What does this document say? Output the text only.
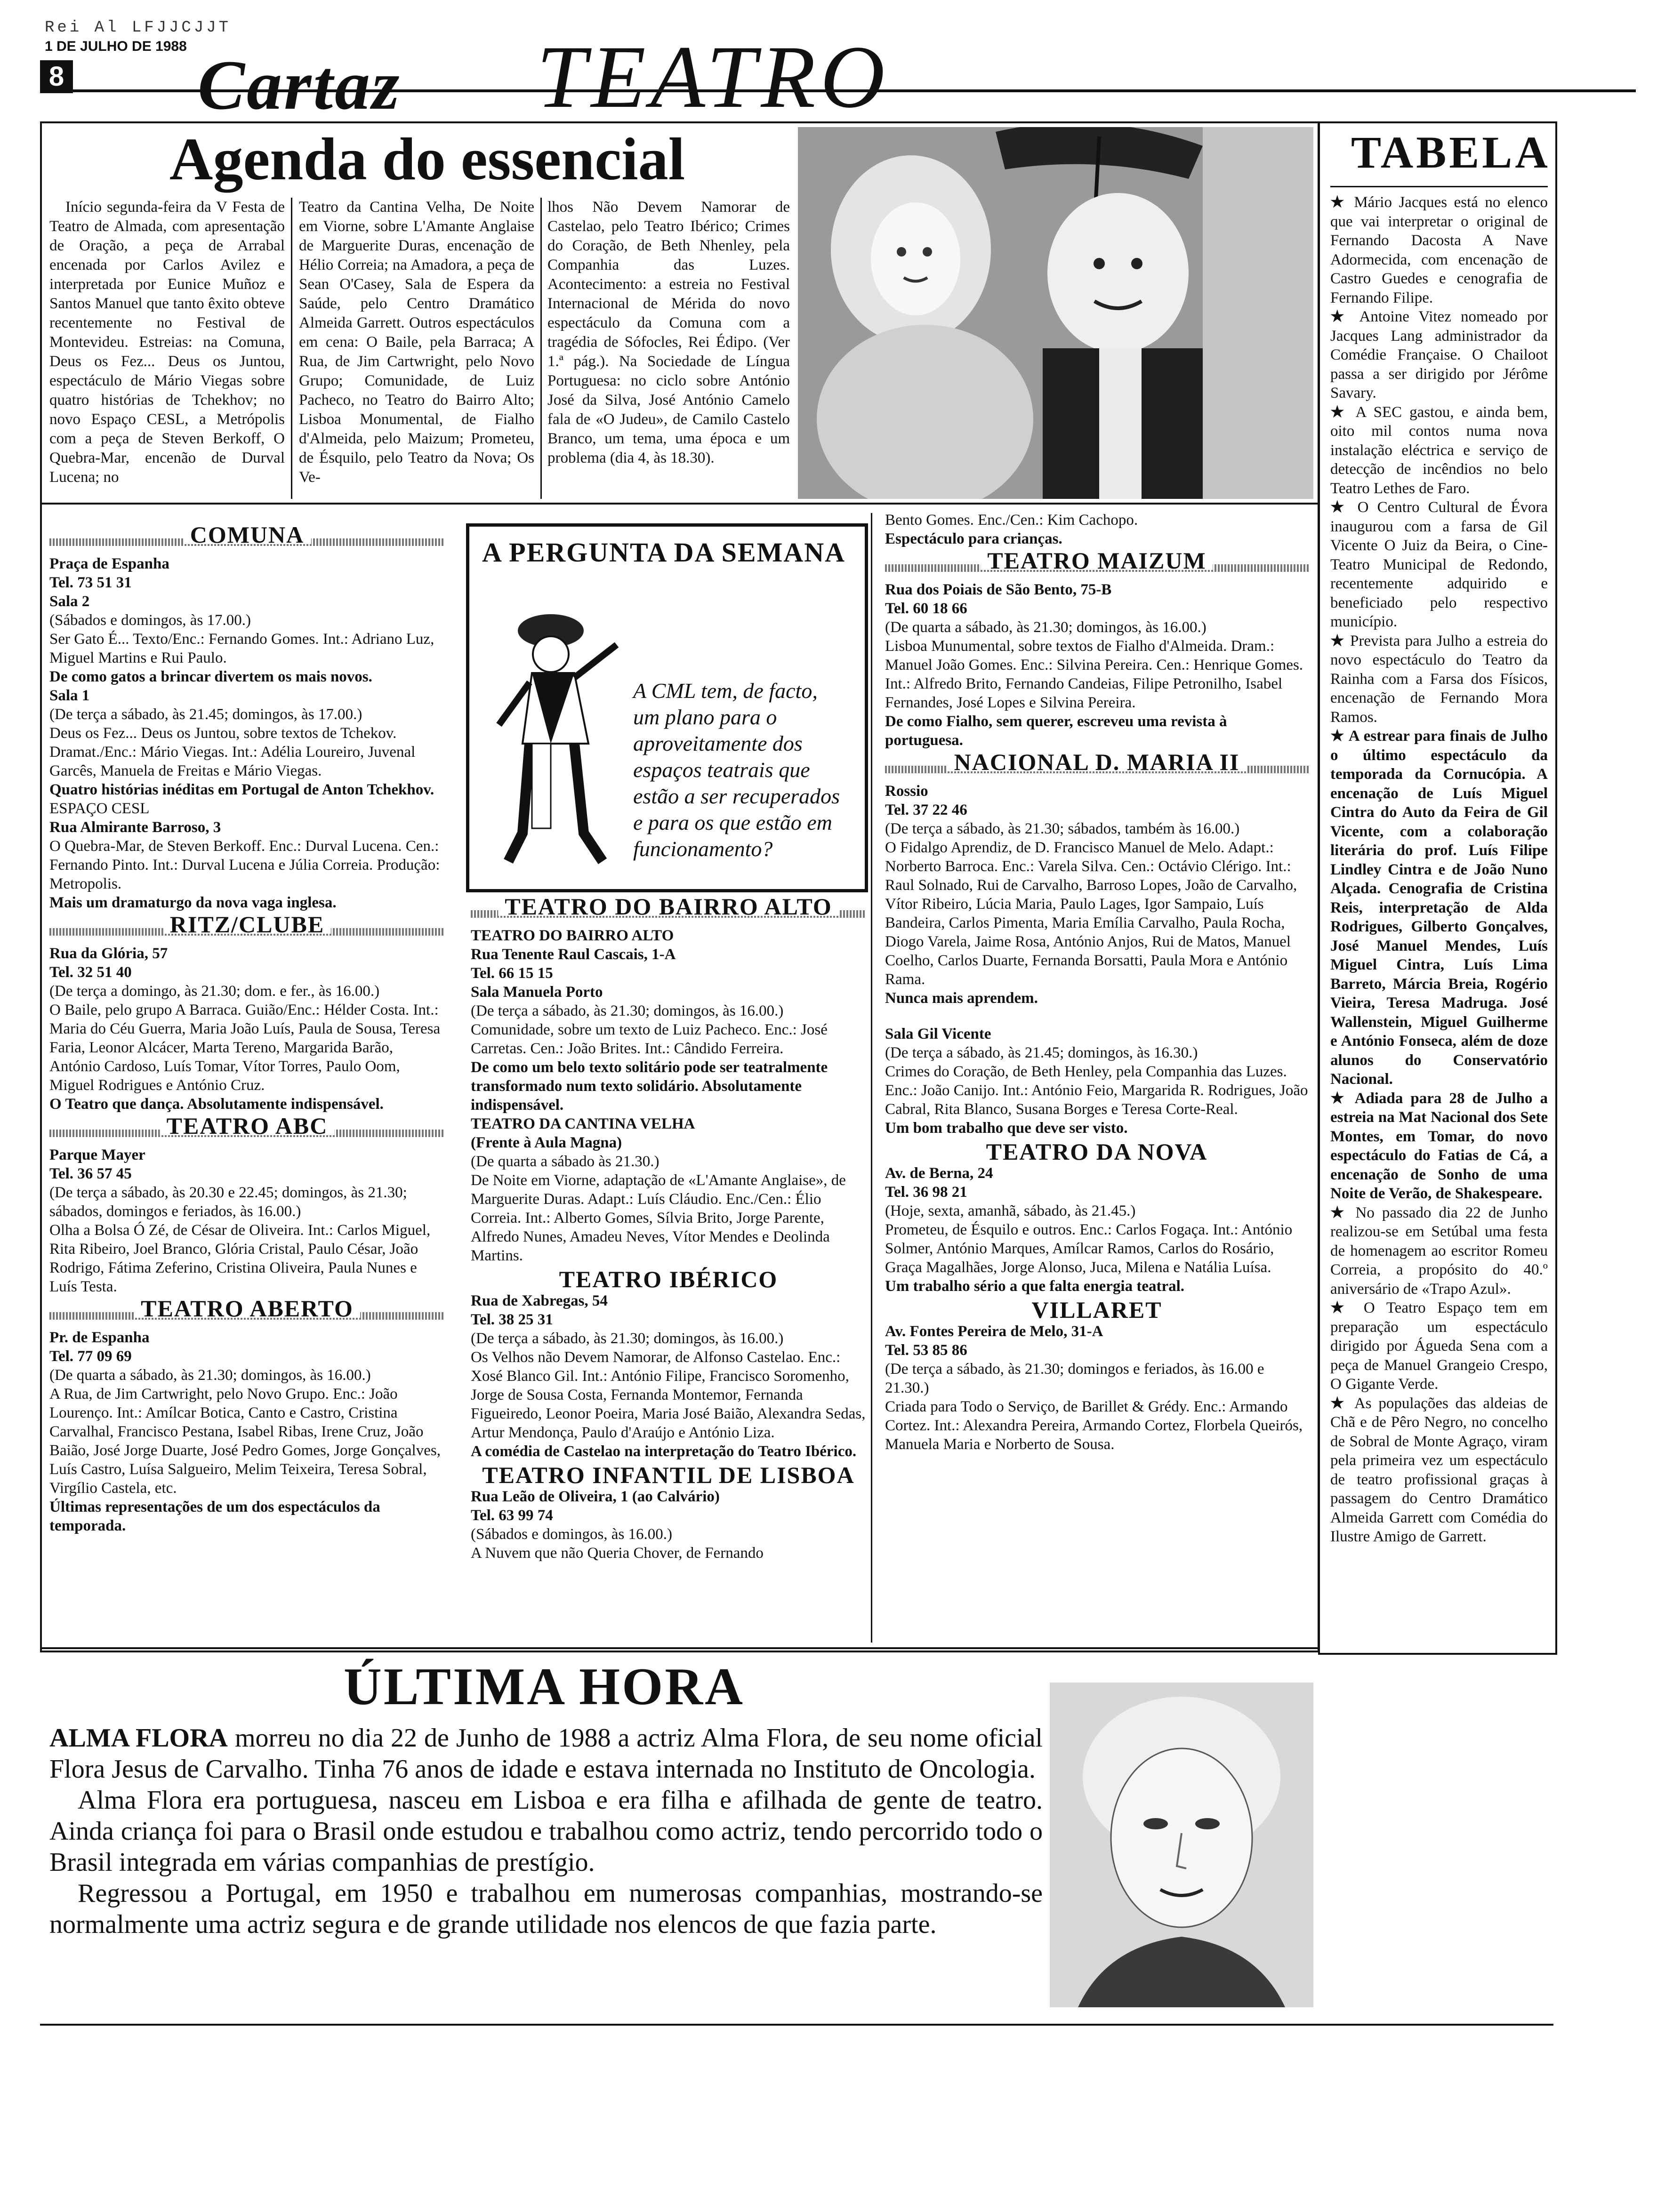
Rei Al LFJJCJJT
1 DE JULHO DE 1988
8 Cartaz TEATRO
Agenda do essencial

Início segunda-feira da V Festa de Teatro de Almada, com apresentação de Oração, a peça de Arrabal encenada por Carlos Avilez e interpretada por Eunice Muñoz e Santos Manuel que tanto êxito obteve recentemente no Festival de Montevideu. Estreias: na Comuna, Deus os Fez... Deus os Juntou, espectáculo de Mário Viegas sobre quatro histórias de Tchekhov; no novo Espaço CESL, a Metrópolis com a peça de Steven Berkoff, O Quebra-Mar, encenão de Durval Lucena; no

Teatro da Cantina Velha, De Noite em Viorne, sobre L'Amante Anglaise de Marguerite Duras, encenação de Hélio Correia; na Amadora, a peça de Sean O'Casey, Sala de Espera da Saúde, pelo Centro Dramático Almeida Garrett. Outros espectáculos em cena: O Baile, pela Barraca; A Rua, de Jim Cartwright, pelo Novo Grupo; Comunidade, de Luiz Pacheco, no Teatro do Bairro Alto; Lisboa Monumental, de Fialho d'Almeida, pelo Maizum; Prometeu, de Ésquilo, pelo Teatro da Nova; Os Ve-

lhos Não Devem Namorar de Castelao, pelo Teatro Ibérico; Crimes do Coração, de Beth Nhenley, pela Companhia das Luzes. Acontecimento: a estreia no Festival Internacional de Mérida do novo espectáculo da Comuna com a tragédia de Sófocles, Rei Édipo. (Ver 1.ª pág.). Na Sociedade de Língua Portuguesa: no ciclo sobre António José da Silva, José António Camelo fala de «O Judeu», de Camilo Castelo Branco, um tema, uma época e um problema (dia 4, às 18.30).

COMUNA
Praça de Espanha
Tel. 73 51 31
Sala 2
(Sábados e domingos, às 17.00.)
Ser Gato É... Texto/Enc.: Fernando Gomes. Int.: Adriano Luz, Miguel Martins e Rui Paulo.
De como gatos a brincar divertem os mais novos.
Sala 1
(De terça a sábado, às 21.45; domingos, às 17.00.)
Deus os Fez... Deus os Juntou, sobre textos de Tchekov. Dramat./Enc.: Mário Viegas. Int.: Adélia Loureiro, Juvenal Garcês, Manuela de Freitas e Mário Viegas.
Quatro histórias inéditas em Portugal de Anton Tchekhov.
ESPAÇO CESL
Rua Almirante Barroso, 3
O Quebra-Mar, de Steven Berkoff. Enc.: Durval Lucena. Cen.: Fernando Pinto. Int.: Durval Lucena e Júlia Correia. Produção: Metropolis.
Mais um dramaturgo da nova vaga inglesa.
RITZ/CLUBE
Rua da Glória, 57
Tel. 32 51 40
(De terça a domingo, às 21.30; dom. e fer., às 16.00.)
O Baile, pelo grupo A Barraca. Guião/Enc.: Hélder Costa. Int.: Maria do Céu Guerra, Maria João Luís, Paula de Sousa, Teresa Faria, Leonor Alcácer, Marta Tereno, Margarida Barão, António Cardoso, Luís Tomar, Vítor Torres, Paulo Oom, Miguel Rodrigues e António Cruz.
O Teatro que dança. Absolutamente indispensável.
TEATRO ABC
Parque Mayer
Tel. 36 57 45
(De terça a sábado, às 20.30 e 22.45; domingos, às 21.30; sábados, domingos e feriados, às 16.00.)
Olha a Bolsa Ó Zé, de César de Oliveira. Int.: Carlos Miguel, Rita Ribeiro, Joel Branco, Glória Cristal, Paulo César, João Rodrigo, Fátima Zeferino, Cristina Oliveira, Paula Nunes e Luís Testa.
TEATRO ABERTO
Pr. de Espanha
Tel. 77 09 69
(De quarta a sábado, às 21.30; domingos, às 16.00.)
A Rua, de Jim Cartwright, pelo Novo Grupo. Enc.: João Lourenço. Int.: Amílcar Botica, Canto e Castro, Cristina Carvalhal, Francisco Pestana, Isabel Ribas, Irene Cruz, João Baião, José Jorge Duarte, José Pedro Gomes, Jorge Gonçalves, Luís Castro, Luísa Salgueiro, Melim Teixeira, Teresa Sobral, Virgílio Castela, etc.
Últimas representações de um dos espectáculos da temporada.
A PERGUNTA DA SEMANA
A CML tem, de facto, um plano para o aproveitamente dos espaços teatrais que estão a ser recuperados e para os que estão em funcionamento?
TEATRO DO BAIRRO ALTO
TEATRO DO BAIRRO ALTO
Rua Tenente Raul Cascais, 1-A
Tel. 66 15 15
Sala Manuela Porto
(De terça a sábado, às 21.30; domingos, às 16.00.)
Comunidade, sobre um texto de Luiz Pacheco. Enc.: José Carretas. Cen.: João Brites. Int.: Cândido Ferreira.
De como um belo texto solitário pode ser teatralmente transformado num texto solidário. Absolutamente indispensável.
TEATRO DA CANTINA VELHA
(Frente à Aula Magna)
(De quarta a sábado às 21.30.)
De Noite em Viorne, adaptação de «L'Amante Anglaise», de Marguerite Duras. Adapt.: Luís Cláudio. Enc./Cen.: Élio Correia. Int.: Alberto Gomes, Sílvia Brito, Jorge Parente, Alfredo Nunes, Amadeu Neves, Vítor Mendes e Deolinda Martins.
TEATRO IBÉRICO
Rua de Xabregas, 54
Tel. 38 25 31
(De terça a sábado, às 21.30; domingos, às 16.00.)
Os Velhos não Devem Namorar, de Alfonso Castelao. Enc.: Xosé Blanco Gil. Int.: António Filipe, Francisco Soromenho, Jorge de Sousa Costa, Fernanda Montemor, Fernanda Figueiredo, Leonor Poeira, Maria José Baião, Alexandra Sedas, Artur Mendonça, Paulo d'Araújo e António Liza.
A comédia de Castelao na interpretação do Teatro Ibérico.
TEATRO INFANTIL DE LISBOA
Rua Leão de Oliveira, 1 (ao Calvário)
Tel. 63 99 74
(Sábados e domingos, às 16.00.)
A Nuvem que não Queria Chover, de Fernando
Bento Gomes. Enc./Cen.: Kim Cachopo.
Espectáculo para crianças.
TEATRO MAIZUM
Rua dos Poiais de São Bento, 75-B
Tel. 60 18 66
(De quarta a sábado, às 21.30; domingos, às 16.00.)
Lisboa Munumental, sobre textos de Fialho d'Almeida. Dram.: Manuel João Gomes. Enc.: Silvina Pereira. Cen.: Henrique Gomes. Int.: Alfredo Brito, Fernando Candeias, Filipe Petronilho, Isabel Fernandes, José Lopes e Silvina Pereira.
De como Fialho, sem querer, escreveu uma revista à portuguesa.
NACIONAL D. MARIA II
Rossio
Tel. 37 22 46
(De terça a sábado, às 21.30; sábados, também às 16.00.)
O Fidalgo Aprendiz, de D. Francisco Manuel de Melo. Adapt.: Norberto Barroca. Enc.: Varela Silva. Cen.: Octávio Clérigo. Int.: Raul Solnado, Rui de Carvalho, Barroso Lopes, João de Carvalho, Vítor Ribeiro, Lúcia Maria, Paulo Lages, Igor Sampaio, Luís Bandeira, Carlos Pimenta, Maria Emília Carvalho, Paula Rocha, Diogo Varela, Jaime Rosa, António Anjos, Rui de Matos, Manuel Coelho, Carlos Duarte, Fernanda Borsatti, Paula Mora e António Rama.
Nunca mais aprendem.
Sala Gil Vicente
(De terça a sábado, às 21.45; domingos, às 16.30.)
Crimes do Coração, de Beth Henley, pela Companhia das Luzes. Enc.: João Canijo. Int.: António Feio, Margarida R. Rodrigues, João Cabral, Rita Blanco, Susana Borges e Teresa Corte-Real.
Um bom trabalho que deve ser visto.
TEATRO DA NOVA
Av. de Berna, 24
Tel. 36 98 21
(Hoje, sexta, amanhã, sábado, às 21.45.)
Prometeu, de Ésquilo e outros. Enc.: Carlos Fogaça. Int.: António Solmer, António Marques, Amílcar Ramos, Carlos do Rosário, Graça Magalhães, Jorge Alonso, Juca, Milena e Natália Luísa.
Um trabalho sério a que falta energia teatral.
VILLARET
Av. Fontes Pereira de Melo, 31-A
Tel. 53 85 86
(De terça a sábado, às 21.30; domingos e feriados, às 16.00 e 21.30.)
Criada para Todo o Serviço, de Barillet & Grédy. Enc.: Armando Cortez. Int.: Alexandra Pereira, Armando Cortez, Florbela Queirós, Manuela Maria e Norberto de Sousa.
TABELA

★ Mário Jacques está no elenco que vai interpretar o original de Fernando Dacosta A Nave Adormecida, com encenação de Castro Guedes e cenografia de Fernando Filipe.

★ Antoine Vitez nomeado por Jacques Lang administrador da Comédie Française. O Chailoot passa a ser dirigido por Jérôme Savary.

★ A SEC gastou, e ainda bem, oito mil contos numa nova instalação eléctrica e serviço de detecção de incêndios no belo Teatro Lethes de Faro.

★ O Centro Cultural de Évora inaugurou com a farsa de Gil Vicente O Juiz da Beira, o Cine-Teatro Municipal de Redondo, recentemente adquirido e beneficiado pelo respectivo município.

★ Prevista para Julho a estreia do novo espectáculo do Teatro da Rainha com a Farsa dos Físicos, encenação de Fernando Mora Ramos.

★ A estrear para finais de Julho o último espectáculo da temporada da Cornucópia. A encenação de Luís Miguel Cintra do Auto da Feira de Gil Vicente, com a colaboração literária do prof. Luís Filipe Lindley Cintra e de João Nuno Alçada. Cenografia de Cristina Reis, interpretação de Alda Rodrigues, Gilberto Gonçalves, José Manuel Mendes, Luís Miguel Cintra, Luís Lima Barreto, Márcia Breia, Rogério Vieira, Teresa Madruga. José Wallenstein, Miguel Guilherme e António Fonseca, além de doze alunos do Conservatório Nacional.

★ Adiada para 28 de Julho a estreia na Mat Nacional dos Sete Montes, em Tomar, do novo espectáculo do Fatias de Cá, a encenação de Sonho de uma Noite de Verão, de Shakespeare.

★ No passado dia 22 de Junho realizou-se em Setúbal uma festa de homenagem ao escritor Romeu Correia, a propósito do 40.º aniversário de «Trapo Azul».

★ O Teatro Espaço tem em preparação um espectáculo dirigido por Águeda Sena com a peça de Manuel Grangeio Crespo, O Gigante Verde.

★ As populações das aldeias de Chã e de Pêro Negro, no concelho de Sobral de Monte Agraço, viram pela primeira vez um espectáculo de teatro profissional graças à passagem do Centro Dramático Almeida Garrett com Comédia do Ilustre Amigo de Garrett.

ÚLTIMA HORA

ALMA FLORA morreu no dia 22 de Junho de 1988 a actriz Alma Flora, de seu nome oficial Flora Jesus de Carvalho. Tinha 76 anos de idade e estava internada no Instituto de Oncologia.

Alma Flora era portuguesa, nasceu em Lisboa e era filha e afilhada de gente de teatro. Ainda criança foi para o Brasil onde estudou e trabalhou como actriz, tendo percorrido todo o Brasil integrada em várias companhias de prestígio.

Regressou a Portugal, em 1950 e trabalhou em numerosas companhias, mostrando-se normalmente uma actriz segura e de grande utilidade nos elencos de que fazia parte.
